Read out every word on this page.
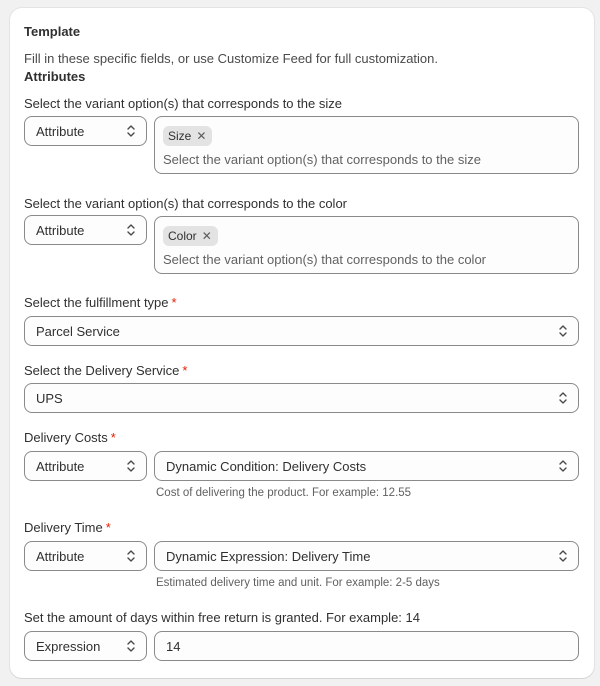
Template
Fill in these specific fields, or use Customize Feed for full customization.
Attributes
Select the variant option(s) that corresponds to the size
Attribute	Size ✕
Select the variant option(s) that corresponds to the size
Select the variant option(s) that corresponds to the color
Attribute	Color ✕
Select the variant option(s) that corresponds to the color
Select the fulfillment type *
Parcel Service
Select the Delivery Service *
UPS
Delivery Costs *
Attribute	Dynamic Condition: Delivery Costs
Cost of delivering the product. For example: 12.55
Delivery Time *
Attribute	Dynamic Expression: Delivery Time
Estimated delivery time and unit. For example: 2-5 days
Set the amount of days within free return is granted. For example: 14
Expression	14
